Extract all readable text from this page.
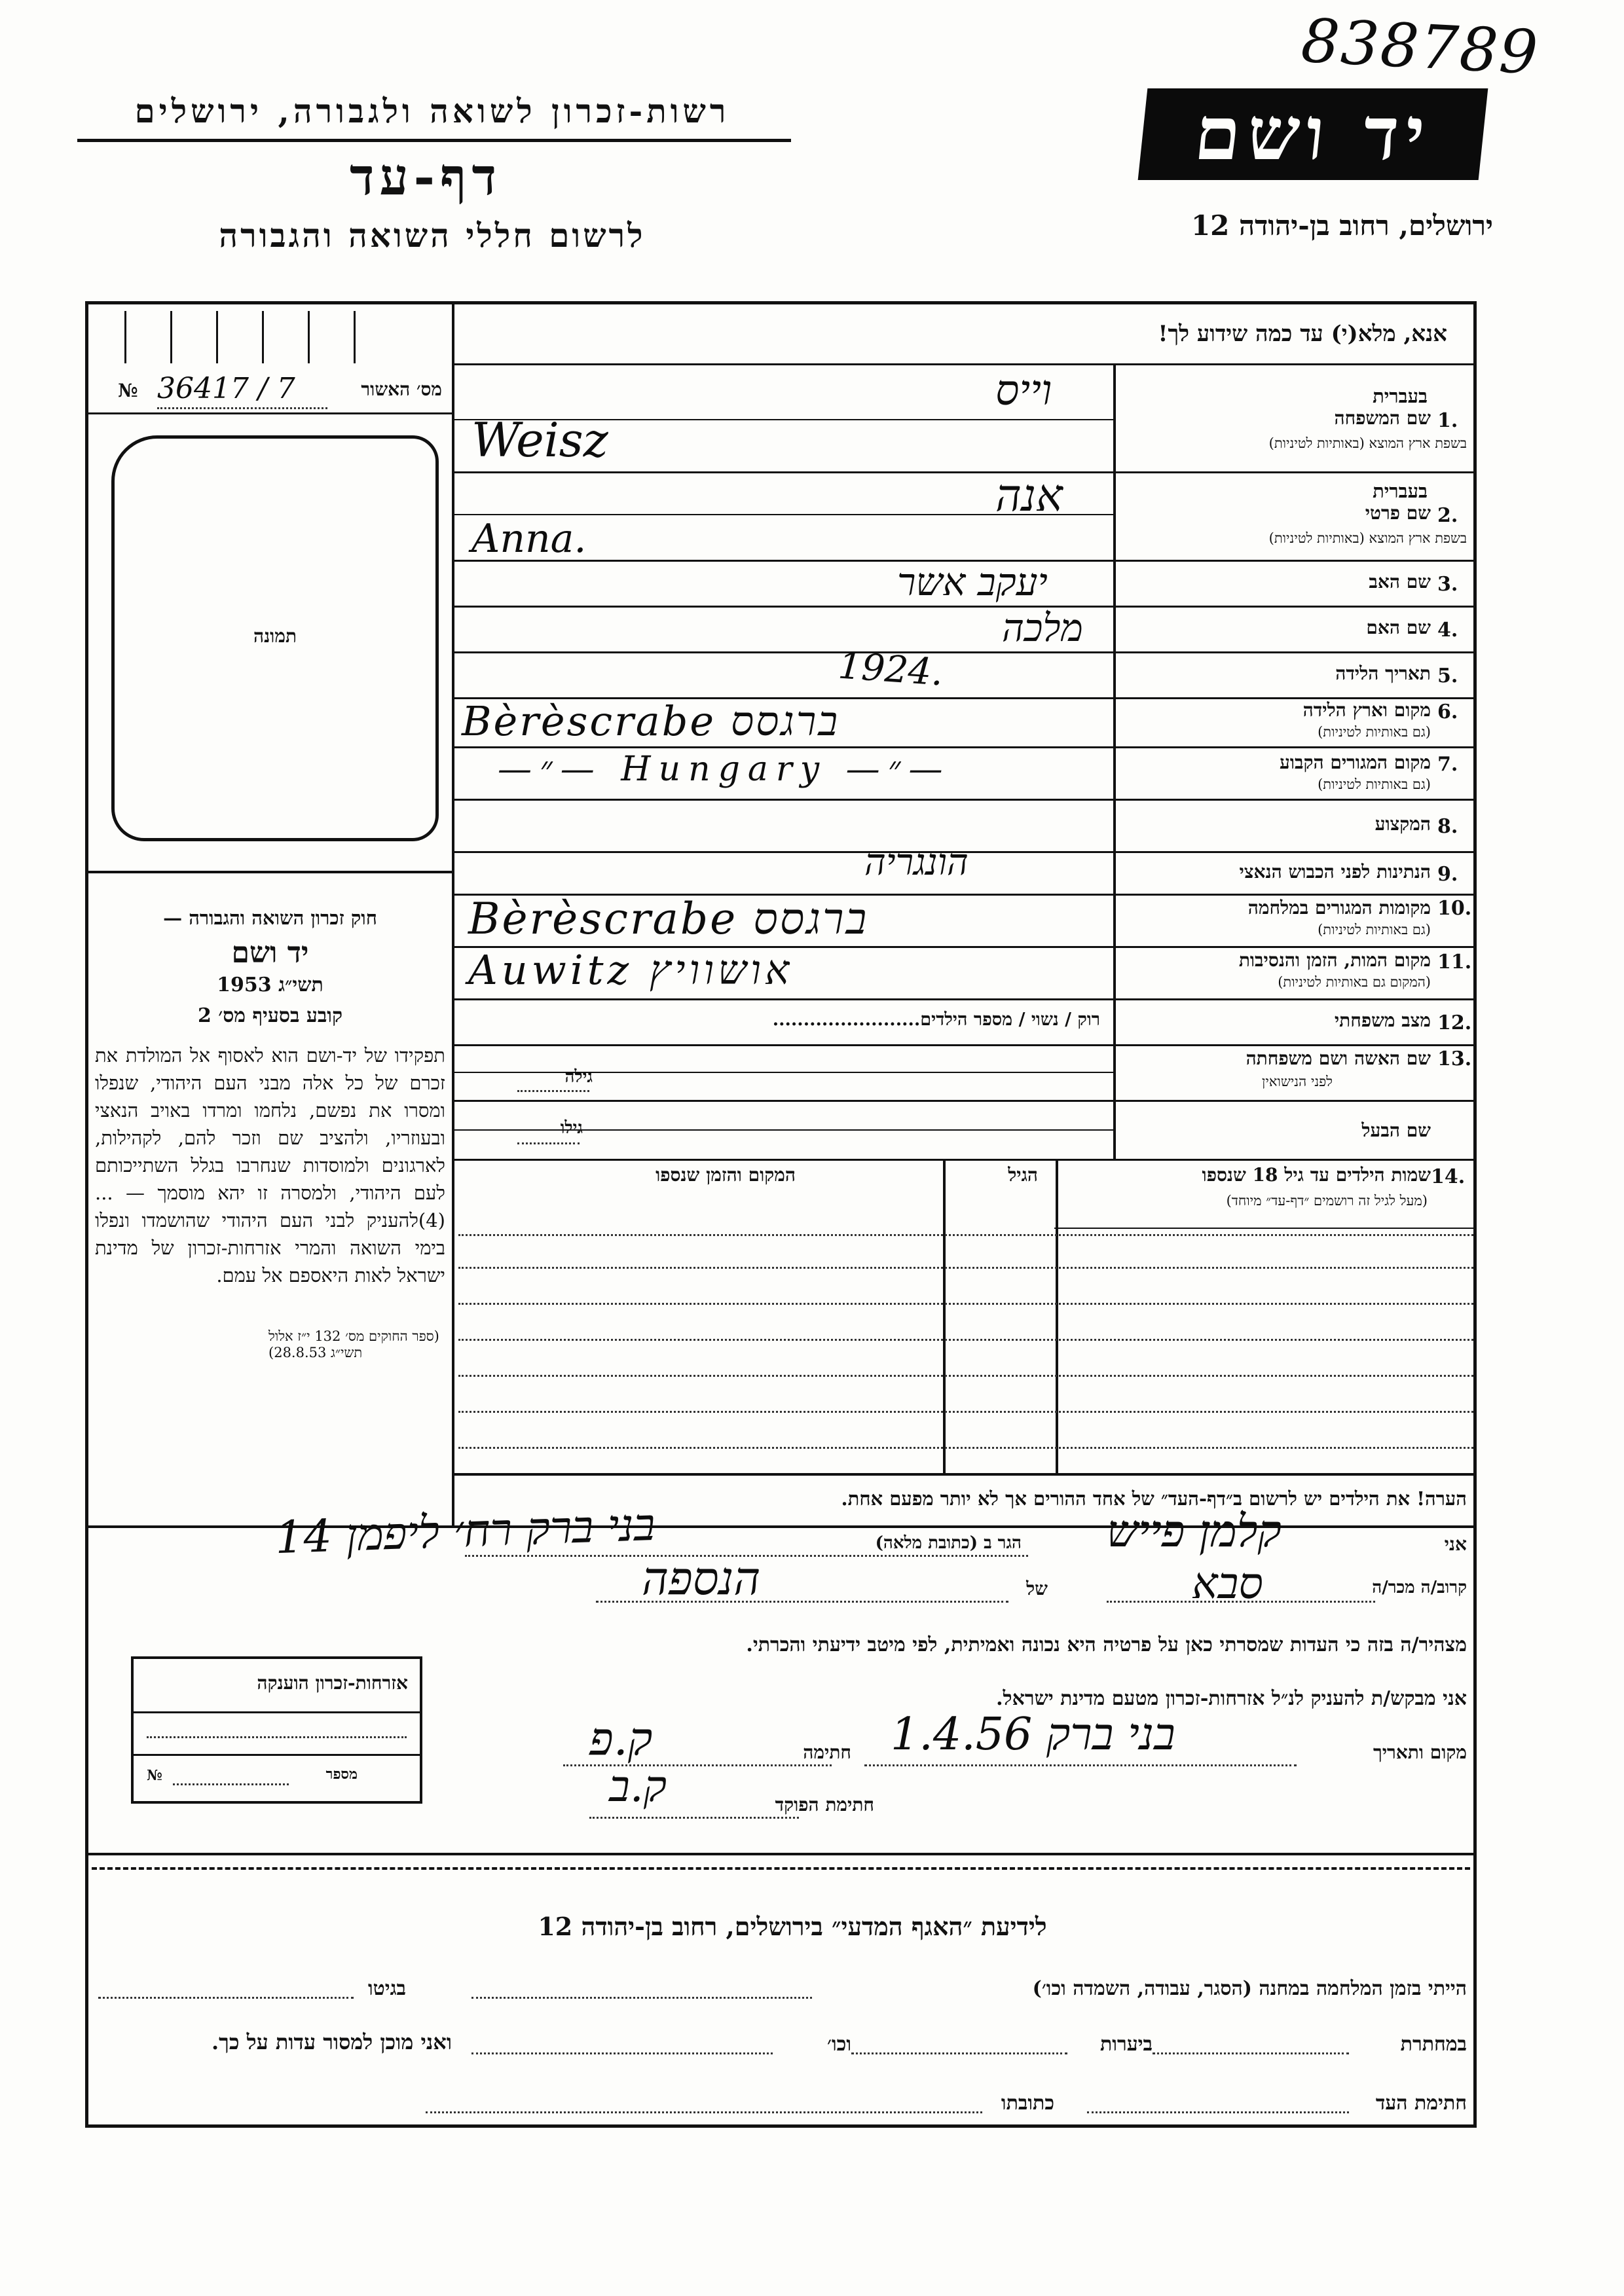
838789
רשות-זכרון לשואה ולגבורה, ירושלים
דף-עד
לרשום חללי השואה והגבורה
יד ושם
ירושלים, רחוב בן-יהודה 12
אנא, מלא(י) עד כמה שידוע לך!
№ 36417 / 7	מס׳ האשור
תמונה
חוק זכרון השואה והגבורה —
יד ושם
תשי״ג 1953
קובע בסעיף מס׳ 2
תפקידו של יד-ושם הוא לאסוף אל המולדת את זכרם של כל אלה מבני העם היהודי, שנפלו ומסרו את נפשם, נלחמו ומרדו באויב הנאצי ובעוזריו, ולהציב שם וזכר להם, לקהילות, לארגונים ולמוסדות שנחרבו בגלל השתייכותם לעם היהודי, ולמסרה זו יהא מוסמך — ...(4)להעניק לבני העם היהודי שהושמדו ונפלו בימי השואה והמרי אזרחות-זכרון של מדינת ישראל לאות היאספם אל עמם.
(ספר החוקים מס׳ 132 י״ז אלול תשי״ג 28.8.53)
בעברית
1.
שם המשפחה
בשפת ארץ המוצא (באותיות לטיניות)
וייס
Weisz
בעברית
2.
שם פרטי
בשפת ארץ המוצא (באותיות לטיניות)
אנה
Anna.
3.
שם האב
יעקב אשר
4.
שם האם
מלכה
5.
תאריך הלידה
1924.
6.
מקום וארץ הלידה
(גם באותיות לטיניות)
Bèrèscrabe ברגסס
7.
מקום המגורים הקבוע
(גם באותיות לטיניות)
—״— Hungary —״—
8.
המקצוע
9.
הנתינות לפני הכבוש הנאצי
הונגריה
10.
מקומות המגורים במלחמה
(גם באותיות לטיניות)
Bèrèscrabe ברגסס
11.
מקום המות, הזמן והנסיבות
(המקום גם באותיות לטיניות)
Auwitz אושוויץ
12.
מצב משפחתי
רוק / נשוי / מספר הילדים........................
13.
שם האשה ושם משפחתה
לפני הנישואין
גילה
שם הבעל
גילו
14.
שמות הילדים עד גיל 18 שנספו
(מעל לגיל זה רושמים ״דף-עד״ מיוחד)
הגיל
המקום והזמן שנספו
הערה! את הילדים יש לרשום ב״דף-העד״ של אחד ההורים אך לא יותר מפעם אחת.
אני
קלמן פייש
הגר ב (כתובת מלאה)
בני ברק רח׳ ליפמן 14
קרוב/ה מכר/ה
סבא
של
הנספה
מצהיר/ה בזה כי העדות שמסרתי כאן על פרטיה היא נכונה ואמיתית, לפי מיטב ידיעתי והכרתי.
אני מבקש/ת להעניק לנ״ל אזרחות-זכרון מטעם מדינת ישראל.
מקום ותאריך
בני ברק 1.4.56
חתימה
ק.פ
חתימת הפוקד
ק.ב
אזרחות-זכרון הוענקה
№	מספר
לידיעת ״האגף המדעי״ בירושלים, רחוב בן-יהודה 12
הייתי בזמן המלחמה במחנה (הסגר, עבודה, השמדה וכו׳)
בגיטו
במחתרת
ביערות
וכו׳
ואני מוכן למסור עדות על כך.
חתימת העד
כתובתו
